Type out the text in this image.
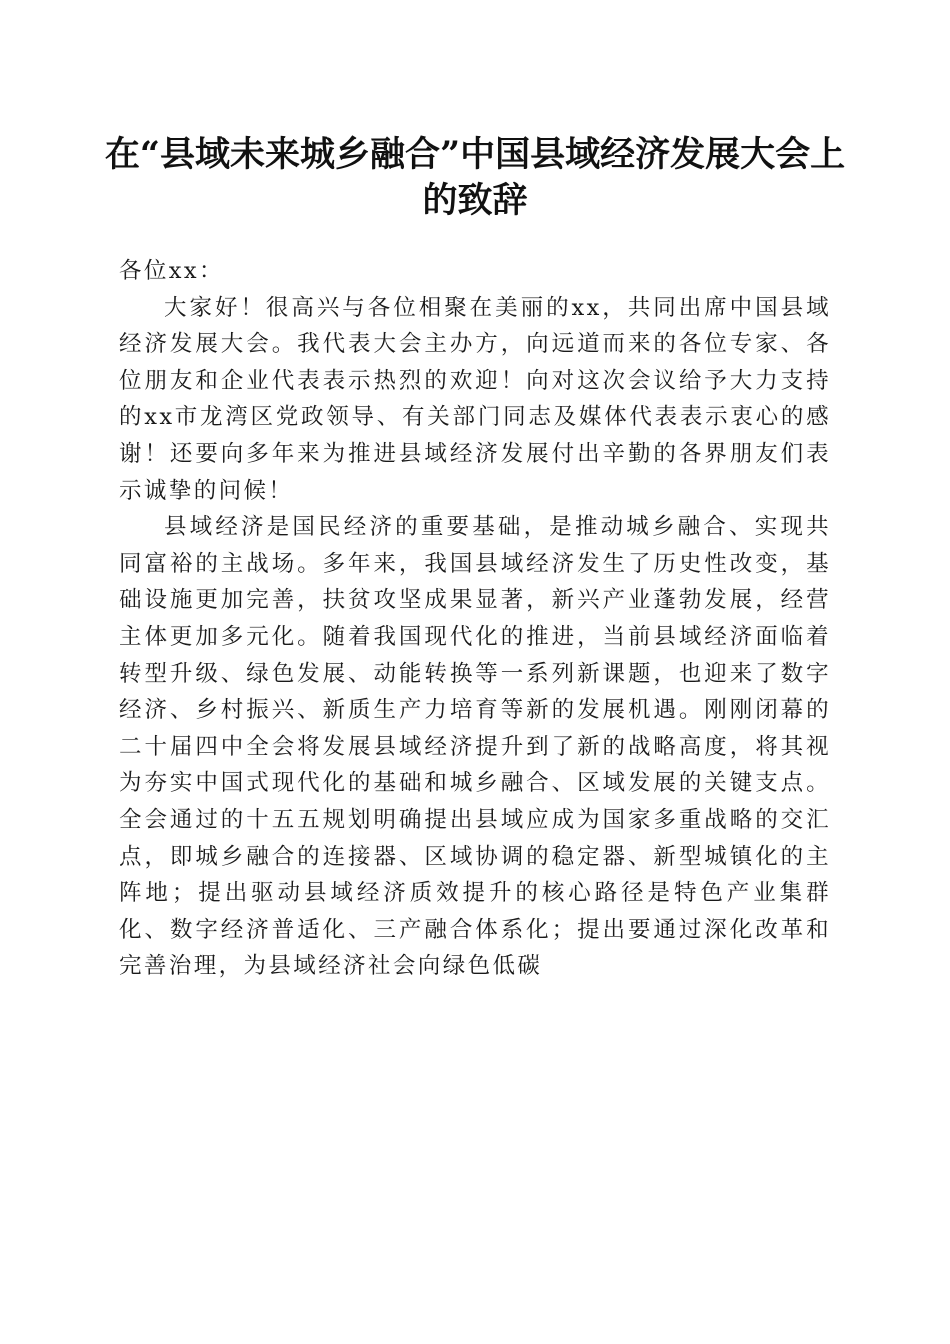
在“县域未来城乡融合”中国县域经济发展大会上的致辞

各位xx：

大家好！很高兴与各位相聚在美丽的xx，共同出席中国县域经济发展大会。我代表大会主办方，向远道而来的各位专家、各位朋友和企业代表表示热烈的欢迎！向对这次会议给予大力支持的xx市龙湾区党政领导、有关部门同志及媒体代表表示衷心的感谢！还要向多年来为推进县域经济发展付出辛勤的各界朋友们表示诚挚的问候！

县域经济是国民经济的重要基础，是推动城乡融合、实现共同富裕的主战场。多年来，我国县域经济发生了历史性改变，基础设施更加完善，扶贫攻坚成果显著，新兴产业蓬勃发展，经营主体更加多元化。随着我国现代化的推进，当前县域经济面临着转型升级、绿色发展、动能转换等一系列新课题，也迎来了数字经济、乡村振兴、新质生产力培育等新的发展机遇。刚刚闭幕的二十届四中全会将发展县域经济提升到了新的战略高度，将其视为夯实中国式现代化的基础和城乡融合、区域发展的关键支点。全会通过的十五五规划明确提出县域应成为国家多重战略的交汇点，即城乡融合的连接器、区域协调的稳定器、新型城镇化的主阵地；提出驱动县域经济质效提升的核心路径是特色产业集群化、数字经济普适化、三产融合体系化；提出要通过深化改革和完善治理，为县域经济社会向绿色低碳
